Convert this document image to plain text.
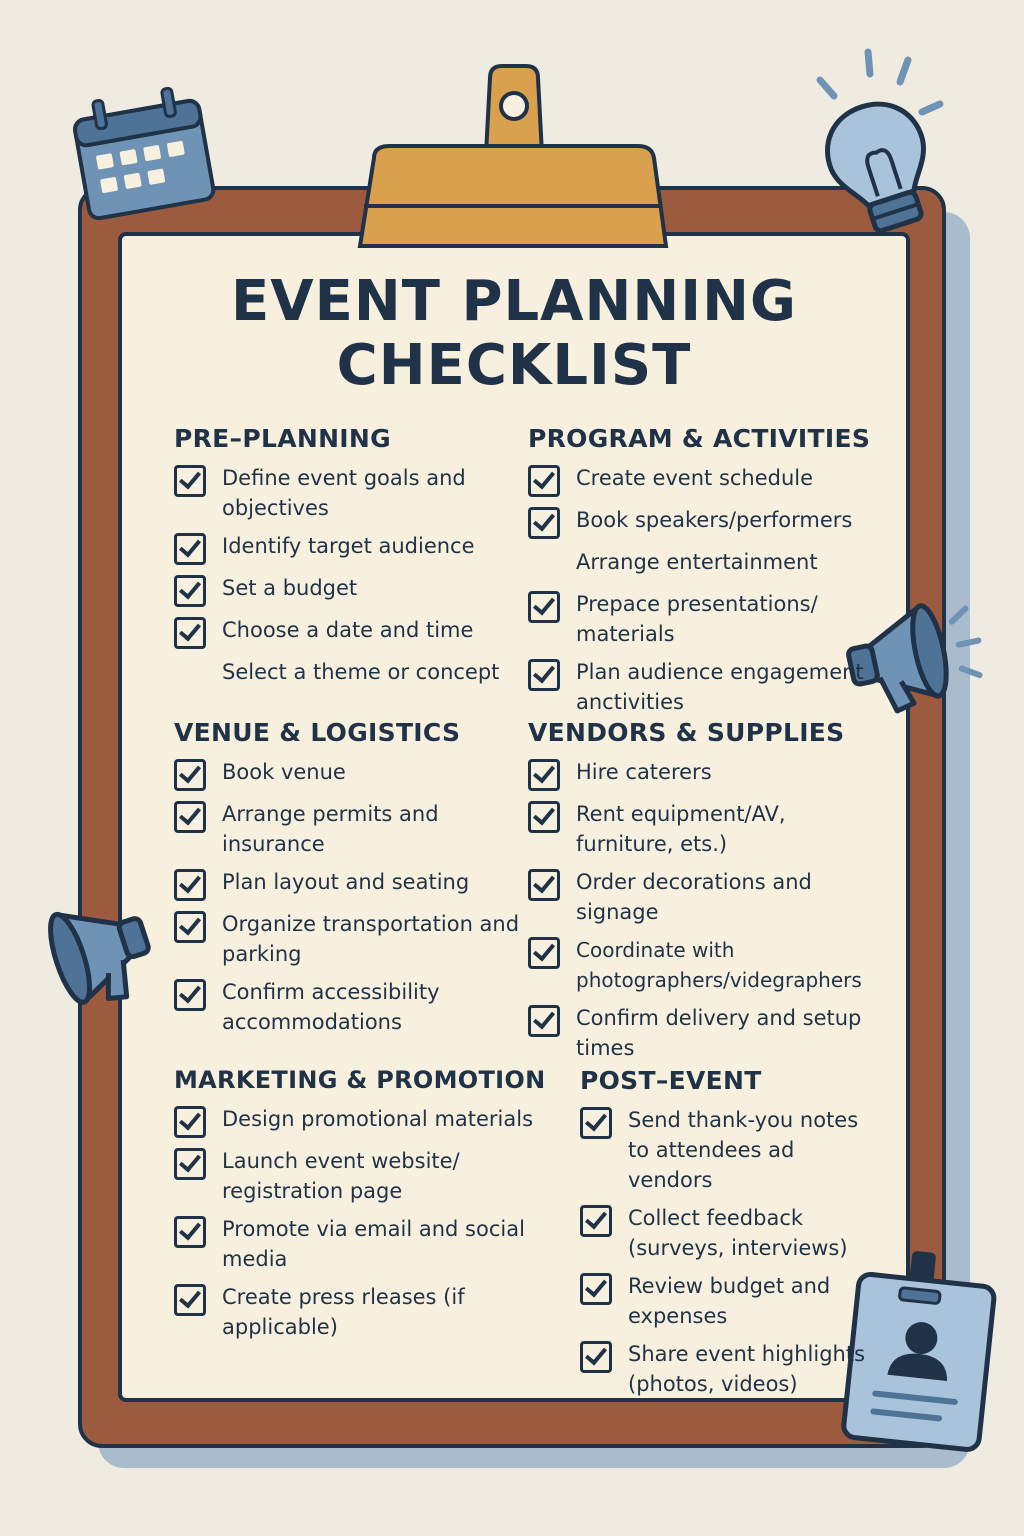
EVENT PLANNING
CHECKLIST
PRE–PLANNING
Define event goals and objectives
Identify target audience
Set a budget
Choose a date and time
Select a theme or concept
PROGRAM & ACTIVITIES
Create event schedule
Book speakers/performers
Arrange entertainment
Prepace presentations/ materials
Plan audience engagement anctivities
VENUE & LOGISTICS
Book venue
Arrange permits and insurance
Plan layout and seating
Organize transportation and parking
Confirm accessibility accommodations
VENDORS & SUPPLIES
Hire caterers
Rent equipment/AV, furniture, ets.)
Order decorations and signage
Coordinate with photographers/videgraphers
Confirm delivery and setup times
MARKETING & PROMOTION
Design promotional materials
Launch event website/ registration page
Promote via email and social media
Create press rleases (if applicable)
POST–EVENT
Send thank-you notes to attendees ad vendors
Collect feedback (surveys, interviews)
Review budget and expenses
Share event highlights (photos, videos)
